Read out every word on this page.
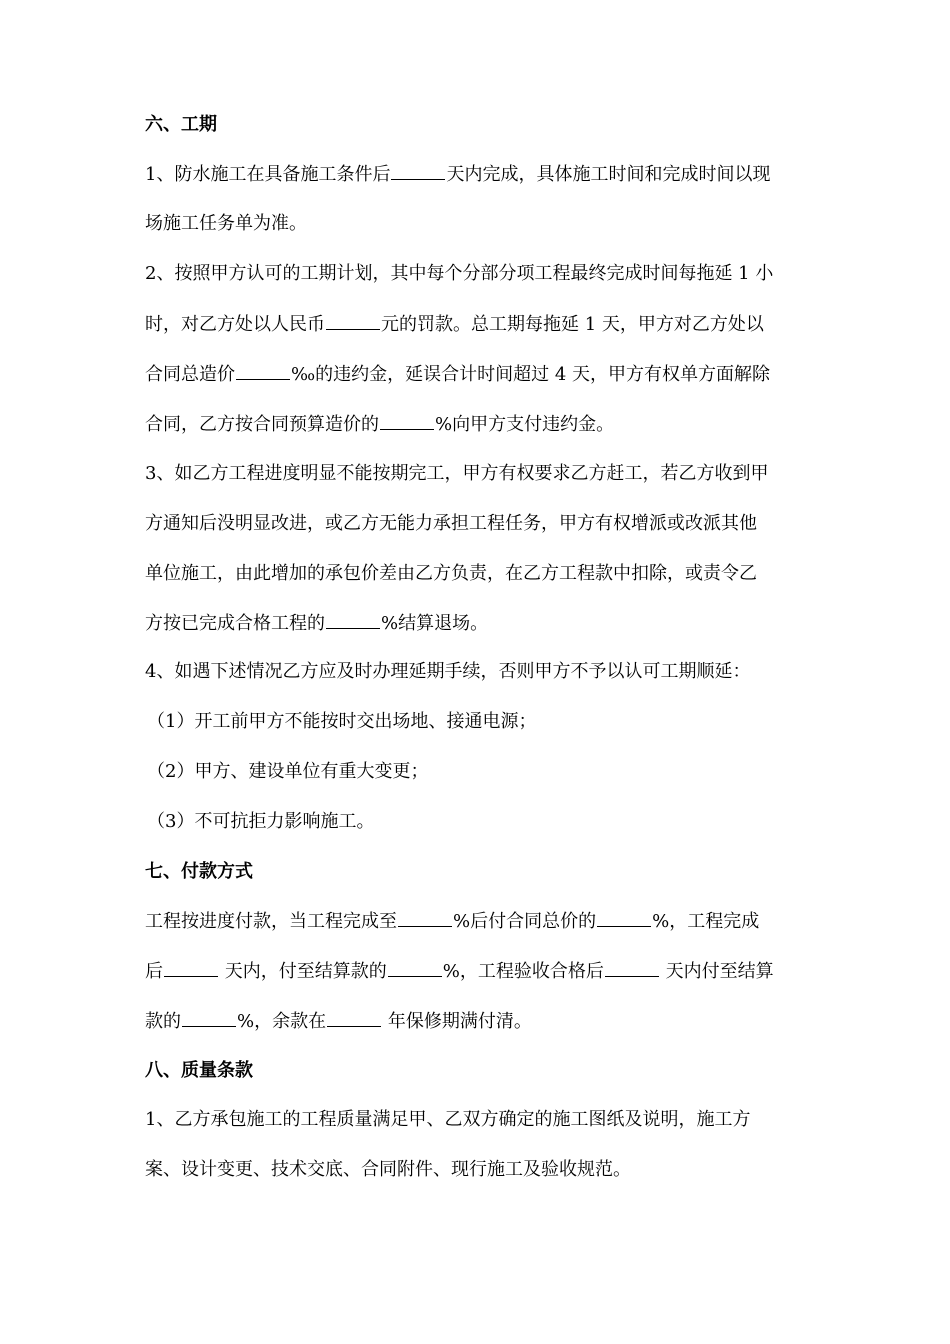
六、工期
1、防水施工在具备施工条件后	天内完成，具体施工时间和完成时间以现
场施工任务单为准。
2、按照甲方认可的工期计划，其中每个分部分项工程最终完成时间每拖延 1 小
时，对乙方处以人民币	元的罚款。总工期每拖延 1 天，甲方对乙方处以
合同总造价	‰的违约金，延误合计时间超过 4 天，甲方有权单方面解除
合同，乙方按合同预算造价的	%向甲方支付违约金。
3、如乙方工程进度明显不能按期完工，甲方有权要求乙方赶工，若乙方收到甲
方通知后没明显改进，或乙方无能力承担工程任务，甲方有权增派或改派其他
单位施工，由此增加的承包价差由乙方负责，在乙方工程款中扣除，或责令乙
方按已完成合格工程的	%结算退场。
4、如遇下述情况乙方应及时办理延期手续，否则甲方不予以认可工期顺延：
（1）开工前甲方不能按时交出场地、接通电源；
（2）甲方、建设单位有重大变更；
（3）不可抗拒力影响施工。
七、付款方式
工程按进度付款，当工程完成至	%后付合同总价的	%，工程完成
后	天内，付至结算款的	%，工程验收合格后	天内付至结算
款的	%，余款在	年保修期满付清。
八、质量条款
1、乙方承包施工的工程质量满足甲、乙双方确定的施工图纸及说明，施工方
案、设计变更、技术交底、合同附件、现行施工及验收规范。
